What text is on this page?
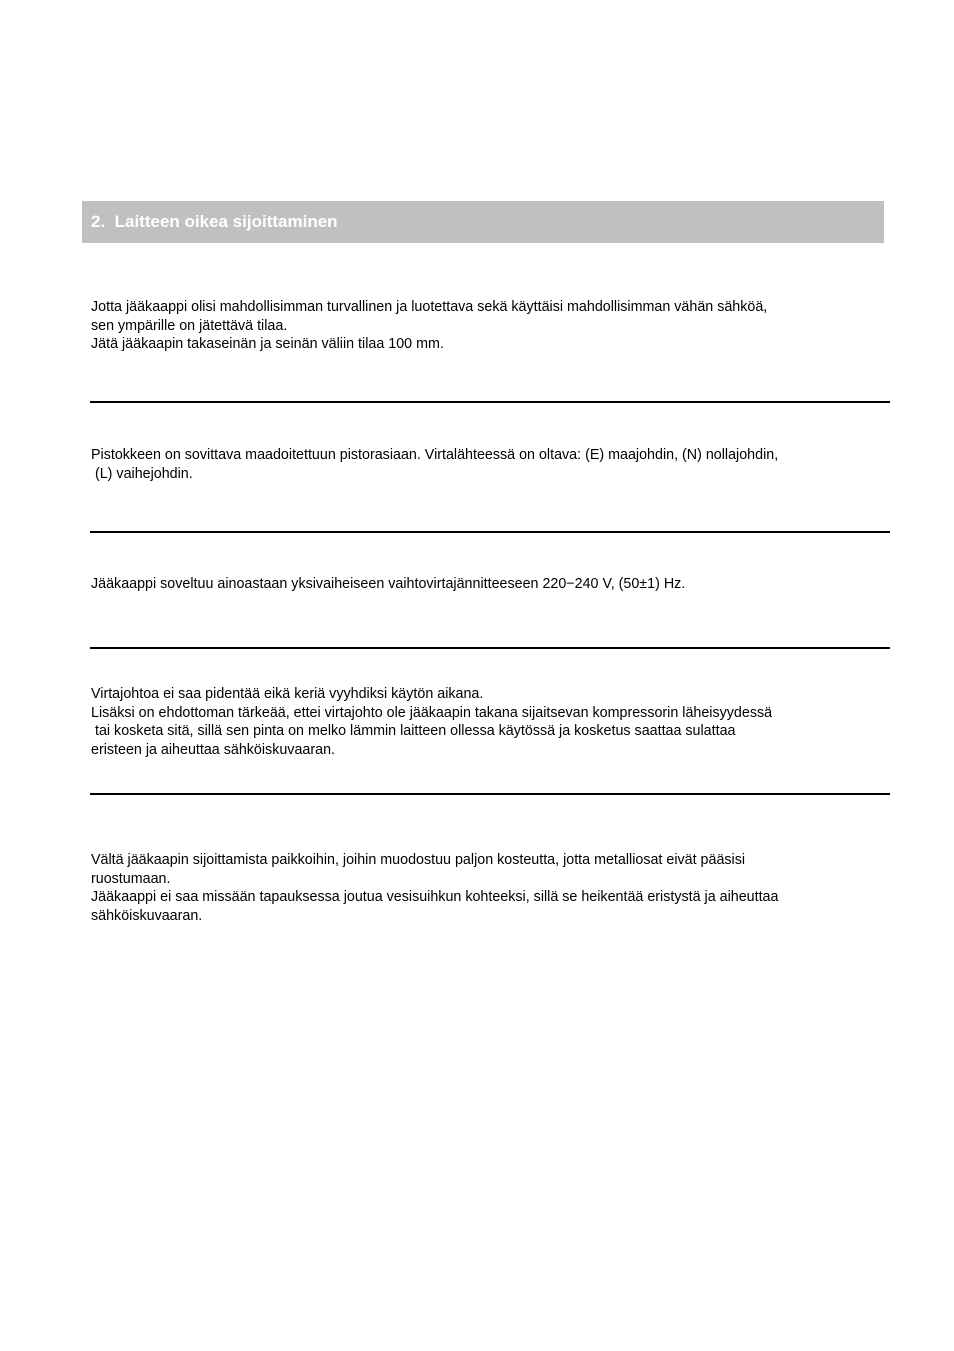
2.  Laitteen oikea sijoittaminen
Jotta jääkaappi olisi mahdollisimman turvallinen ja luotettava sekä käyttäisi mahdollisimman vähän sähköä,
sen ympärille on jätettävä tilaa.
Jätä jääkaapin takaseinän ja seinän väliin tilaa 100 mm.
Pistokkeen on sovittava maadoitettuun pistorasiaan. Virtalähteessä on oltava: (E) maajohdin, (N) nollajohdin,
(L) vaihejohdin.
Jääkaappi soveltuu ainoastaan yksivaiheiseen vaihtovirtajännitteeseen 220−240 V, (50±1) Hz.
Virtajohtoa ei saa pidentää eikä keriä vyyhdiksi käytön aikana.
Lisäksi on ehdottoman tärkeää, ettei virtajohto ole jääkaapin takana sijaitsevan kompressorin läheisyydessä
tai kosketa sitä, sillä sen pinta on melko lämmin laitteen ollessa käytössä ja kosketus saattaa sulattaa
eristeen ja aiheuttaa sähköiskuvaaran.
Vältä jääkaapin sijoittamista paikkoihin, joihin muodostuu paljon kosteutta, jotta metalliosat eivät pääsisi
ruostumaan.
Jääkaappi ei saa missään tapauksessa joutua vesisuihkun kohteeksi, sillä se heikentää eristystä ja aiheuttaa
sähköiskuvaaran.
